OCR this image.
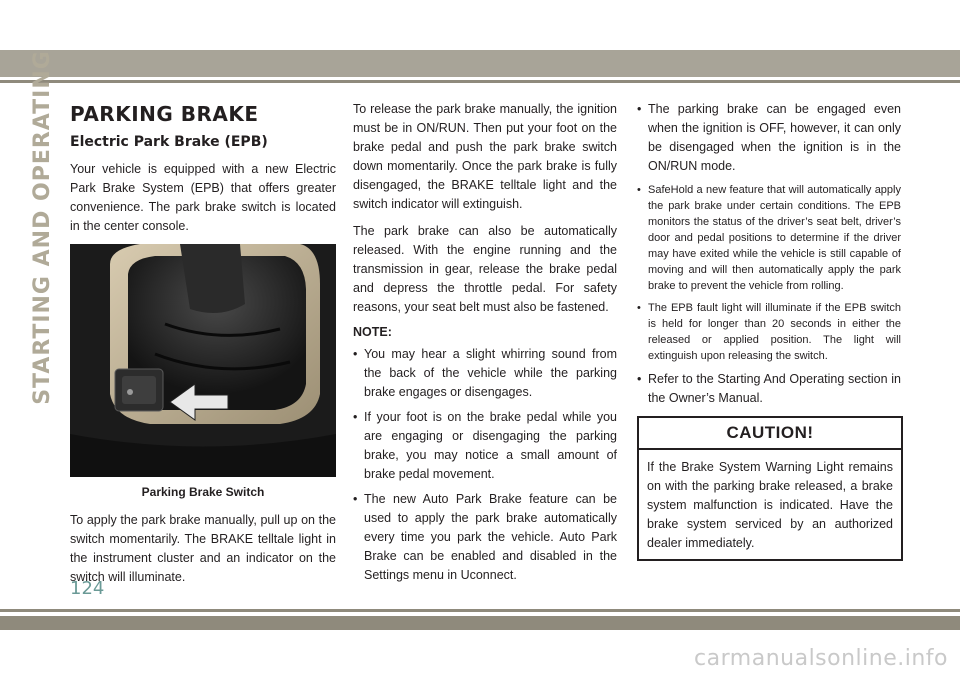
STARTING AND OPERATING PARKING BRAKE
Electric Park Brake (EPB)

Your vehicle is equipped with a new Electric Park Brake System (EPB) that offers greater convenience. The park brake switch is located in the center console.

Parking Brake Switch

To apply the park brake manually, pull up on the switch momentarily. The BRAKE telltale light in the instrument cluster and an indicator on the switch will illuminate.

To release the park brake manually, the ignition must be in ON/RUN. Then put your foot on the brake pedal and push the park brake switch down momentarily. Once the park brake is fully disengaged, the BRAKE telltale light and the switch indicator will extinguish.

The park brake can also be automatically released. With the engine running and the transmission in gear, release the brake pedal and depress the throttle pedal. For safety reasons, your seat belt must also be fastened.

NOTE:
• You may hear a slight whirring sound from the back of the vehicle while the parking brake engages or disengages.
• If your foot is on the brake pedal while you are engaging or disengaging the parking brake, you may notice a small amount of brake pedal movement.
• The new Auto Park Brake feature can be used to apply the park brake automatically every time you park the vehicle. Auto Park Brake can be enabled and disabled in the Settings menu in Uconnect.
• The parking brake can be engaged even when the ignition is OFF, however, it can only be disengaged when the ignition is in the ON/RUN mode.
• SafeHold a new feature that will automatically apply the park brake under certain conditions. The EPB monitors the status of the driver’s seat belt, driver’s door and pedal positions to determine if the driver may have exited while the vehicle is still capable of moving and will then automatically apply the park brake to prevent the vehicle from rolling.
• The EPB fault light will illuminate if the EPB switch is held for longer than 20 seconds in either the released or applied position. The light will extinguish upon releasing the switch.
• Refer to the Starting And Operating section in the Owner’s Manual.
CAUTION!

If the Brake System Warning Light remains on with the parking brake released, a brake system malfunction is indicated. Have the brake system serviced by an authorized dealer immediately.

124
carmanualsonline.info
